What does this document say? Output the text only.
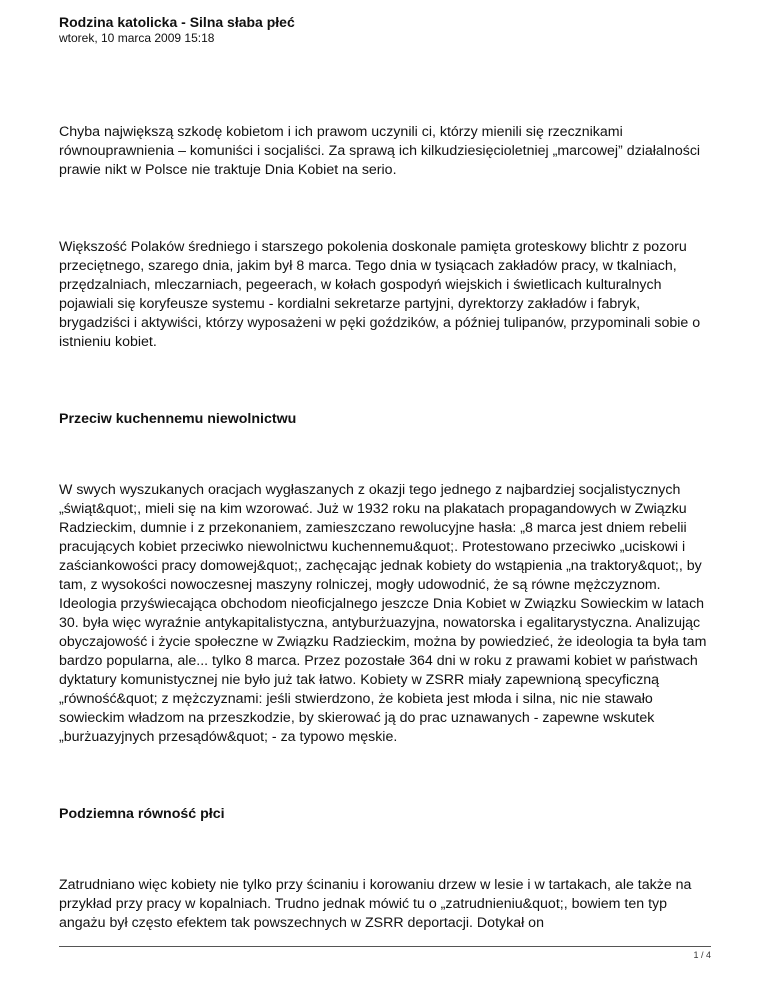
Rodzina katolicka - Silna słaba płeć
wtorek, 10 marca 2009 15:18

Chyba największą szkodę kobietom i ich prawom uczynili ci, którzy mienili się rzecznikami równouprawnienia – komuniści i socjaliści. Za sprawą ich kilkudziesięcioletniej „marcowej” działalności prawie nikt w Polsce nie traktuje Dnia Kobiet na serio.

Większość Polaków średniego i starszego pokolenia doskonale pamięta groteskowy blichtr z pozoru przeciętnego, szarego dnia, jakim był 8 marca. Tego dnia w tysiącach zakładów pracy, w tkalniach, przędzalniach, mleczarniach, pegeerach, w kołach gospodyń wiejskich i świetlicach kulturalnych pojawiali się koryfeusze systemu - kordialni sekretarze partyjni, dyrektorzy zakładów i fabryk, brygadziści i aktywiści, którzy wyposażeni w pęki goździków, a później tulipanów, przypominali sobie o istnieniu kobiet.

Przeciw kuchennemu niewolnictwu

W swych wyszukanych oracjach wygłaszanych z okazji tego jednego z najbardziej socjalistycznych „świąt&quot;, mieli się na kim wzorować. Już w 1932 roku na plakatach propagandowych w Związku Radzieckim, dumnie i z przekonaniem, zamieszczano rewolucyjne hasła: „8 marca jest dniem rebelii pracujących kobiet przeciwko niewolnictwu kuchennemu&quot;. Protestowano przeciwko „uciskowi i zaściankowości pracy domowej&quot;, zachęcając jednak kobiety do wstąpienia „na traktory&quot;, by tam, z wysokości nowoczesnej maszyny rolniczej, mogły udowodnić, że są równe mężczyznom. Ideologia przyświecająca obchodom nieoficjalnego jeszcze Dnia Kobiet w Związku Sowieckim w latach 30. była więc wyraźnie antykapitalistyczna, antyburżuazyjna, nowatorska i egalitarystyczna. Analizując obyczajowość i życie społeczne w Związku Radzieckim, można by powiedzieć, że ideologia ta była tam bardzo popularna, ale... tylko 8 marca. Przez pozostałe 364 dni w roku z prawami kobiet w państwach dyktatury komunistycznej nie było już tak łatwo. Kobiety w ZSRR miały zapewnioną specyficzną „równość&quot; z mężczyznami: jeśli stwierdzono, że kobieta jest młoda i silna, nic nie stawało sowieckim władzom na przeszkodzie, by skierować ją do prac uznawanych - zapewne wskutek „burżuazyjnych przesądów&quot; - za typowo męskie.

Podziemna równość płci

Zatrudniano więc kobiety nie tylko przy ścinaniu i korowaniu drzew w lesie i w tartakach, ale także na przykład przy pracy w kopalniach. Trudno jednak mówić tu o „zatrudnieniu&quot;, bowiem ten typ angażu był często efektem tak powszechnych w ZSRR deportacji. Dotykał on

1 / 4
